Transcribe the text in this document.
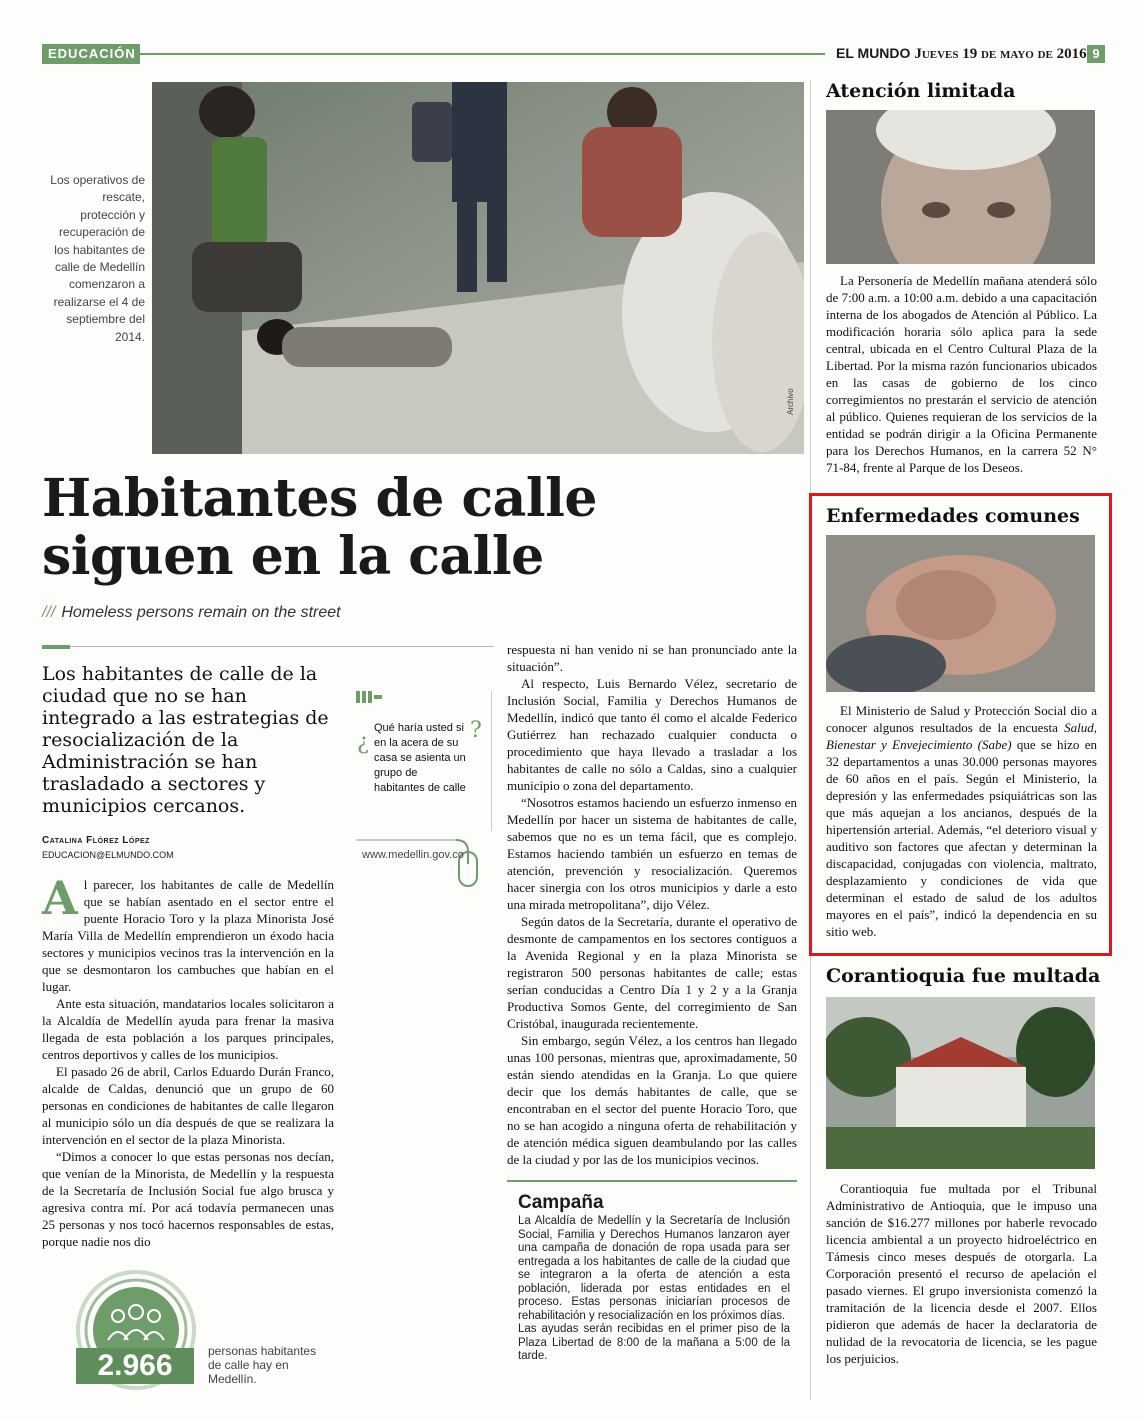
EDUCACIÓN	EL MUNDO Jueves 19 de mayo de 2016 9
Los operativos de rescate, protección y recuperación de los habitantes de calle de Medellín comenzaron a realizarse el 4 de septiembre del 2014.
Archivo
Habitantes de calle
siguen en la calle
/// Homeless persons remain on the street
Los habitantes de calle de la ciudad que no se han integrado a las estrategias de resocialización de la Administración se han trasladado a sectores y municipios cercanos.
¿
Qué haría usted si en la acera de su casa se asienta un grupo de habitantes de calle
?
www.medellin.gov.co
Catalina Flórez López
EDUCACION@ELMUNDO.COM

Al parecer, los habitantes de calle de Medellín que se habían asentado en el sector entre el puente Horacio Toro y la plaza Minorista José María Villa de Medellín emprendieron un éxodo hacia sectores y municipios vecinos tras la intervención en la que se desmontaron los cambuches que habían en el lugar.

Ante esta situación, mandatarios locales solicitaron a la Alcaldía de Medellín ayuda para frenar la masiva llegada de esta población a los parques principales, centros deportivos y calles de los municipios.

El pasado 26 de abril, Carlos Eduardo Durán Franco, alcalde de Caldas, denunció que un grupo de 60 personas en condiciones de habitantes de calle llegaron al municipio sólo un día después de que se realizara la intervención en el sector de la plaza Minorista.

“Dimos a conocer lo que estas personas nos decían, que venían de la Minorista, de Medellín y la respuesta de la Secretaría de Inclusión Social fue algo brusca y agresiva contra mí. Por acá todavía permanecen unas 25 personas y nos tocó hacernos responsables de estas, porque nadie nos dio

respuesta ni han venido ni se han pronunciado ante la situación”.

Al respecto, Luis Bernardo Vélez, secretario de Inclusión Social, Familia y Derechos Humanos de Medellín, indicó que tanto él como el alcalde Federico Gutiérrez han rechazado cualquier conducta o procedimiento que haya llevado a trasladar a los habitantes de calle no sólo a Caldas, sino a cualquier municipio o zona del departamento.

“Nosotros estamos haciendo un esfuerzo inmenso en Medellín por hacer un sistema de habitantes de calle, sabemos que no es un tema fácil, que es complejo. Estamos haciendo también un esfuerzo en temas de atención, prevención y resocialización. Queremos hacer sinergia con los otros municipios y darle a esto una mirada metropolitana”, dijo Vélez.

Según datos de la Secretaría, durante el operativo de desmonte de campamentos en los sectores contiguos a la Avenida Regional y en la plaza Minorista se registraron 500 personas habitantes de calle; estas serían conducidas a Centro Día 1 y 2 y a la Granja Productiva Somos Gente, del corregimiento de San Cristóbal, inaugurada recientemente.

Sin embargo, según Vélez, a los centros han llegado unas 100 personas, mientras que, aproximadamente, 50 están siendo atendidas en la Granja. Lo que quiere decir que los demás habitantes de calle, que se encontraban en el sector del puente Horacio Toro, que no se han acogido a ninguna oferta de rehabilitación y de atención médica siguen deambulando por las calles de la ciudad y por las de los municipios vecinos.

Campaña
La Alcaldía de Medellín y la Secretaría de Inclusión Social, Familia y Derechos Humanos lanzaron ayer una campaña de donación de ropa usada para ser entregada a los habitantes de calle de la ciudad que se integraron a la oferta de atención a esta población, liderada por estas entidades en el proceso. Estas personas iniciarían procesos de rehabilitación y resocialización en los próximos días.
Las ayudas serán recibidas en el primer piso de la Plaza Libertad de 8:00 de la mañana a 5:00 de la tarde.
2.966	personas habitantes de calle hay en Medellín.
Atención limitada
La Personería de Medellín mañana atenderá sólo de 7:00 a.m. a 10:00 a.m. debido a una capacitación interna de los abogados de Atención al Público. La modificación horaria sólo aplica para la sede central, ubicada en el Centro Cultural Plaza de la Libertad. Por la misma razón funcionarios ubicados en las casas de gobierno de los cinco corregimientos no prestarán el servicio de atención al público. Quienes requieran de los servicios de la entidad se podrán dirigir a la Oficina Permanente para los Derechos Humanos, en la carrera 52 N° 71-84, frente al Parque de los Deseos.
Enfermedades comunes
El Ministerio de Salud y Protección Social dio a conocer algunos resultados de la encuesta Salud, Bienestar y Envejecimiento (Sabe) que se hizo en 32 departamentos a unas 30.000 personas mayores de 60 años en el país. Según el Ministerio, la depresión y las enfermedades psiquiátricas son las que más aquejan a los ancianos, después de la hipertensión arterial. Además, “el deterioro visual y auditivo son factores que afectan y determinan la discapacidad, conjugadas con violencia, maltrato, desplazamiento y condiciones de vida que determinan el estado de salud de los adultos mayores en el país”, indicó la dependencia en su sitio web.
Corantioquia fue multada
Corantioquia fue multada por el Tribunal Administrativo de Antioquia, que le impuso una sanción de $16.277 millones por haberle revocado licencia ambiental a un proyecto hidroeléctrico en Támesis cinco meses después de otorgarla. La Corporación presentó el recurso de apelación el pasado viernes. El grupo inversionista comenzó la tramitación de la licencia desde el 2007. Ellos pidieron que además de hacer la declaratoria de nulidad de la revocatoria de licencia, se les pague los perjuicios.
